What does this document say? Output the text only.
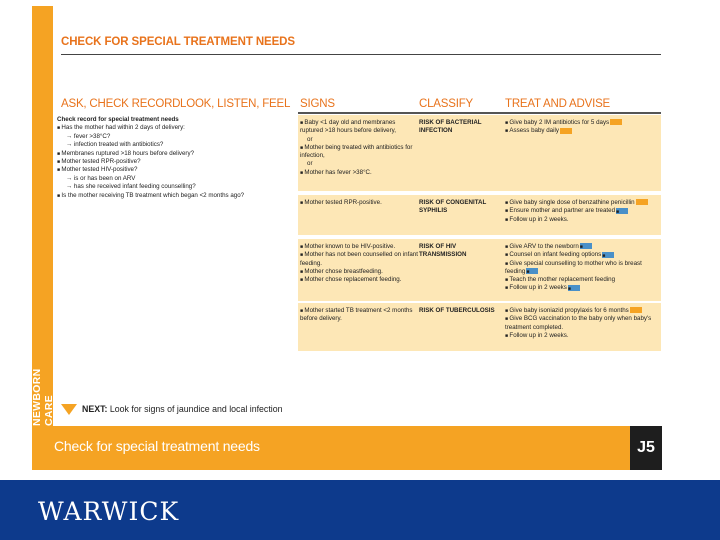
NEWBORN CARE
CHECK FOR SPECIAL TREATMENT NEEDS
ASK, CHECK RECORD LOOK, LISTEN, FEEL SIGNS	CLASSIFY	TREAT AND ADVISE
Check record for special treatment needs
■ Has the mother had within 2 days of delivery:
→ fever >38°C?
→ infection treated with antibiotics?
■ Membranes ruptured >18 hours before delivery?
■ Mother tested RPR-positive?
■ Mother tested HIV-positive?
→ is or has been on ARV
→ has she received infant feeding counselling?
■ Is the mother receiving TB treatment which began <2 months ago?
■ Baby <1 day old and membranes ruptured >18 hours before delivery,
or
■ Mother being treated with antibiotics for infection,
or
■ Mother has fever >38°C.
RISK OF BACTERIAL INFECTION
■ Give baby 2 IM antibiotics for 5 days
■ Assess baby daily
■ Mother tested RPR-positive.	RISK OF CONGENITAL SYPHILIS
■ Give baby single dose of benzathine penicillin
■ Ensure mother and partner are treated■
■ Follow up in 2 weeks.
■ Mother known to be HIV-positive.
■ Mother has not been counselled on infant feeding.
■ Mother chose breastfeeding.
■ Mother chose replacement feeding.
RISK OF HIV TRANSMISSION
■ Give ARV to the newborn■
■ Counsel on infant feeding options■
■ Give special counselling to mother who is breast feeding■
■ Teach the mother replacement feeding
■ Follow up in 2 weeks■
■ Mother started TB treatment <2 months before delivery.
RISK OF TUBERCULOSIS
■	Give baby isoniazid propylaxis for 6 months
■ Give BCG vaccination to the baby only when baby's treatment completed.
■ Follow up in 2 weeks.
NEXT: Look for signs of jaundice and local infection
Check for special treatment needs	J5
WARWICK
